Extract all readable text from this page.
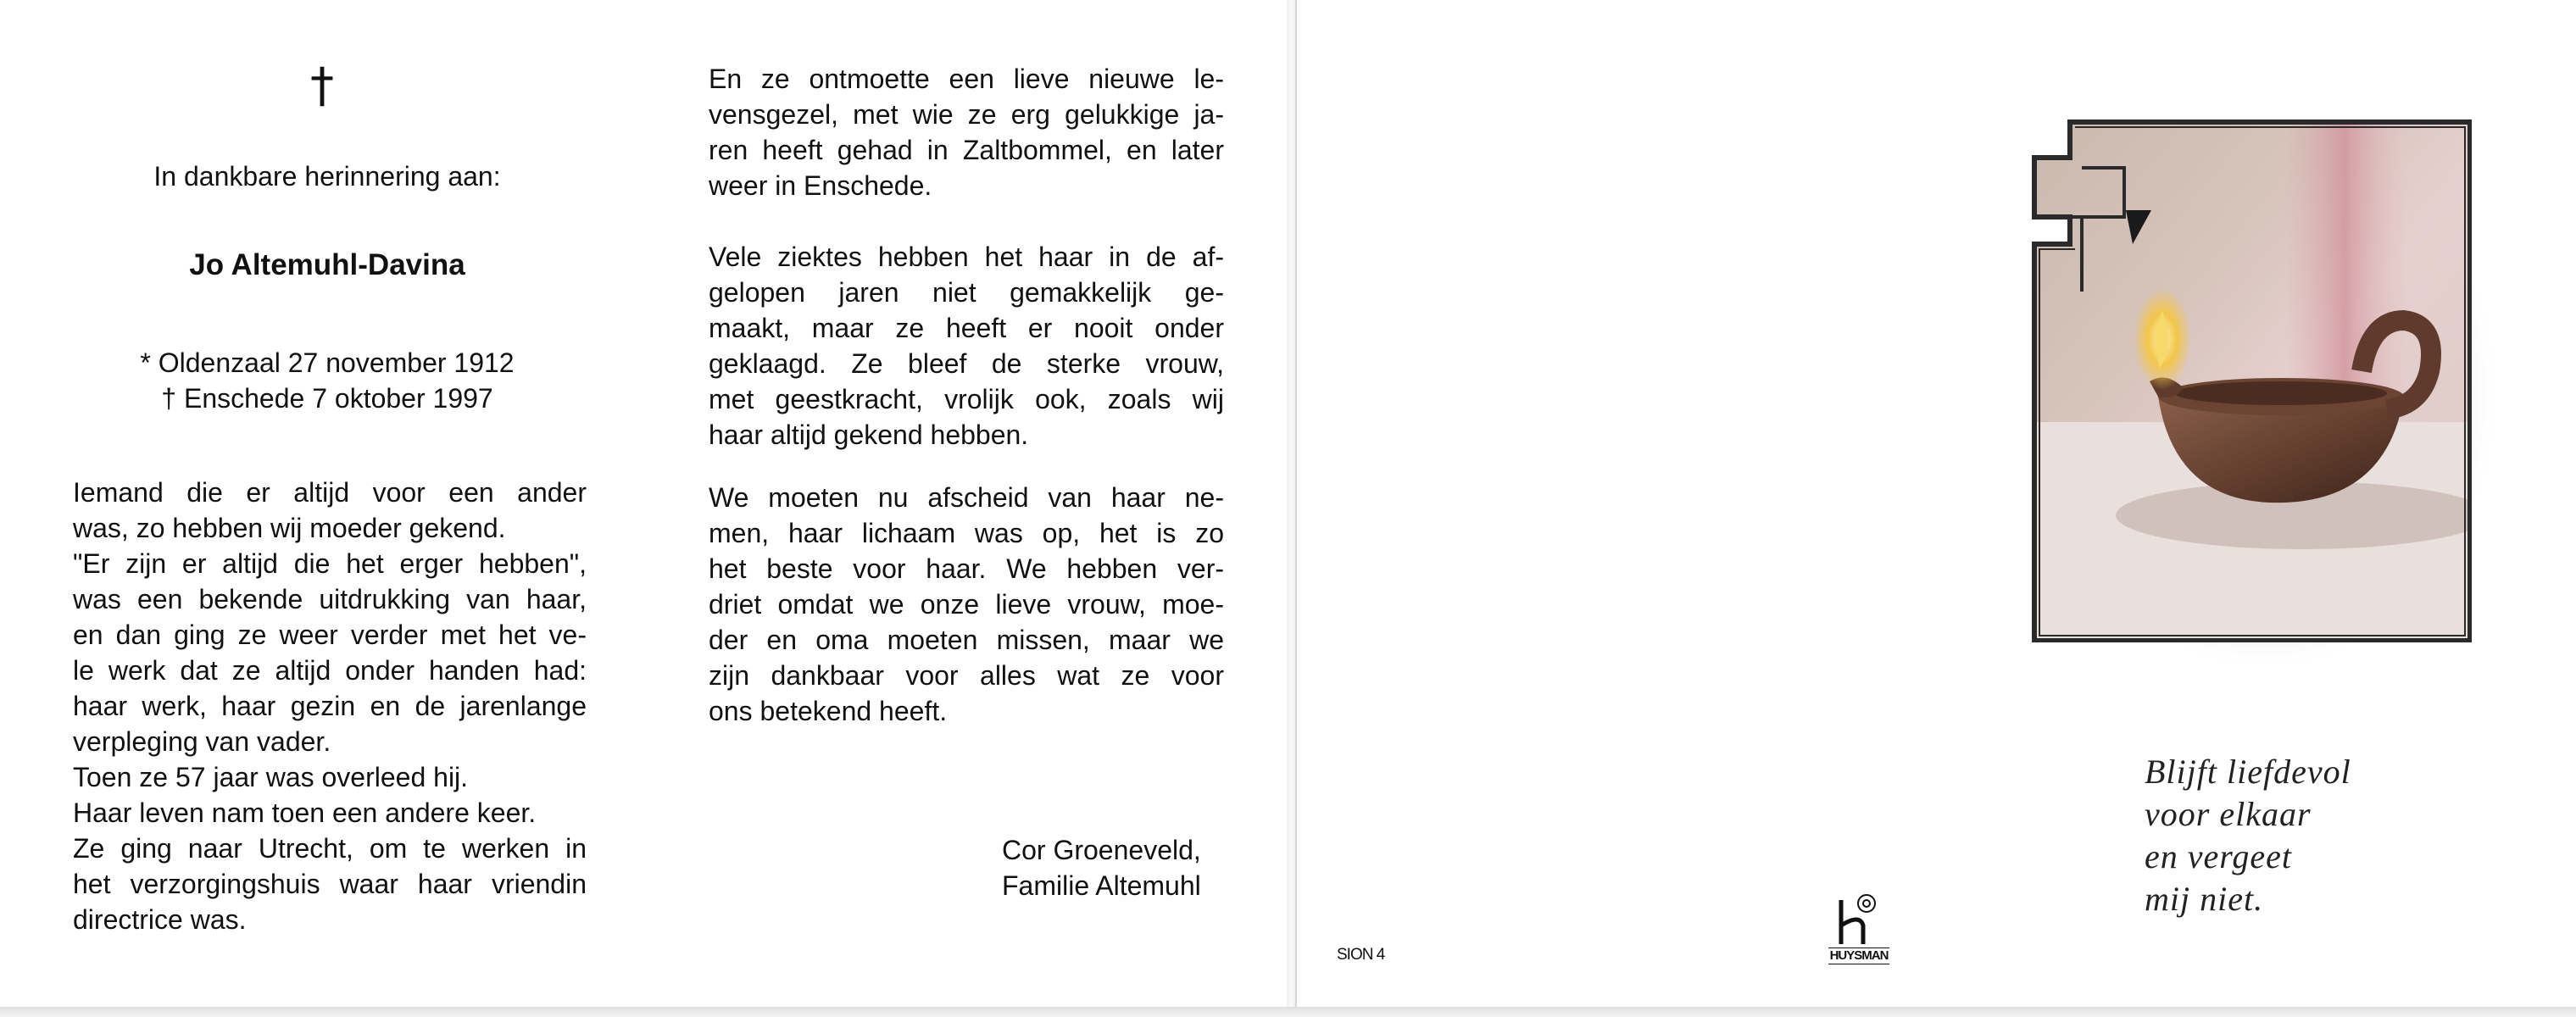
†
In dankbare herinnering aan:
Jo Altemuhl-Davina
* Oldenzaal 27 november 1912
† Enschede 7 oktober 1997
Iemand die er altijd voor een ander
was, zo hebben wij moeder gekend.
"Er zijn er altijd die het erger hebben",
was een bekende uitdrukking van haar,
en dan ging ze weer verder met het ve-
le werk dat ze altijd onder handen had:
haar werk, haar gezin en de jarenlange
verpleging van vader.
Toen ze 57 jaar was overleed hij.
Haar leven nam toen een andere keer.
Ze ging naar Utrecht, om te werken in
het verzorgingshuis waar haar vriendin
directrice was.
En ze ontmoette een lieve nieuwe le-
vensgezel, met wie ze erg gelukkige ja-
ren heeft gehad in Zaltbommel, en later
weer in Enschede.
Vele ziektes hebben het haar in de af-
gelopen jaren niet gemakkelijk ge-
maakt, maar ze heeft er nooit onder
geklaagd. Ze bleef de sterke vrouw,
met geestkracht, vrolijk ook, zoals wij
haar altijd gekend hebben.
We moeten nu afscheid van haar ne-
men, haar lichaam was op, het is zo
het beste voor haar. We hebben ver-
driet omdat we onze lieve vrouw, moe-
der en oma moeten missen, maar we
zijn dankbaar voor alles wat ze voor
ons betekend heeft.
Cor Groeneveld,
Familie Altemuhl
Blijft liefdevol
voor elkaar
en vergeet
mij niet.
SION 4	HUYSMAN
